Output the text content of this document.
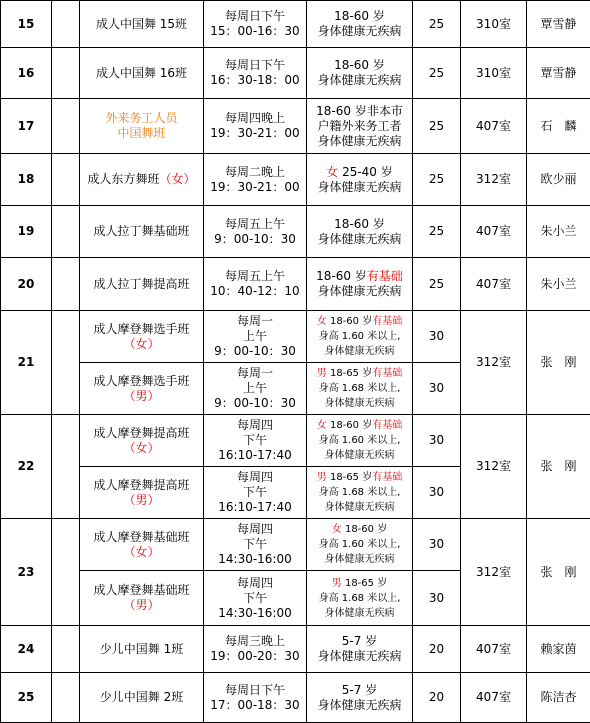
15		成人中国舞 15班	每周日下午
15：00-16：30	18-60 岁
身体健康无疾病	25	310室	覃雪静
16		成人中国舞 16班	每周日下午
16：30-18：00	18-60 岁
身体健康无疾病	25	310室	覃雪静
17		外来务工人员
中国舞班	每周四晚上
19：30-21：00	18-60 岁非本市
户籍外来务工者
身体健康无疾病	25	407室	石　麟
18		成人东方舞班（女）	每周二晚上
19：30-21：00	女 25-40 岁
身体健康无疾病	25	312室	欧少丽
19		成人拉丁舞基础班	每周五上午
9：00-10：30	18-60 岁
身体健康无疾病	25	407室	朱小兰
20		成人拉丁舞提高班	每周五上午
10：40-12：10	18-60 岁有基础
身体健康无疾病	25	407室	朱小兰
21		成人摩登舞选手班
（女）	每周一
上午
9：00-10：30	女 18-60 岁有基础
身高 1.60 米以上,
身体健康无疾病	30	312室	张　刚

		成人摩登舞选手班
（男）	每周一
上午
9：00-10：30	男 18-65 岁有基础
身高 1.68 米以上,
身体健康无疾病	30		
22		成人摩登舞提高班
（女）	每周四
下午
16:10-17:40	女 18-60 岁有基础
身高 1.60 米以上,
身体健康无疾病	30	312室	张　刚

		成人摩登舞提高班
（男）	每周四
下午
16:10-17:40	男 18-65 岁有基础
身高 1.68 米以上,
身体健康无疾病	30		
23		成人摩登舞基础班
（女）	每周四
下午
14:30-16:00	女 18-60 岁
身高 1.60 米以上,
身体健康无疾病	30	312室	张　刚

		成人摩登舞基础班
（男）	每周四
下午
14:30-16:00	男 18-65 岁
身高 1.68 米以上,
身体健康无疾病	30		
24		少儿中国舞 1班	每周三晚上
19：00-20：30	5-7 岁
身体健康无疾病	20	407室	赖家茵
25		少儿中国舞 2班	每周日下午
17：00-18：30	5-7 岁
身体健康无疾病	20	407室	陈洁杏
